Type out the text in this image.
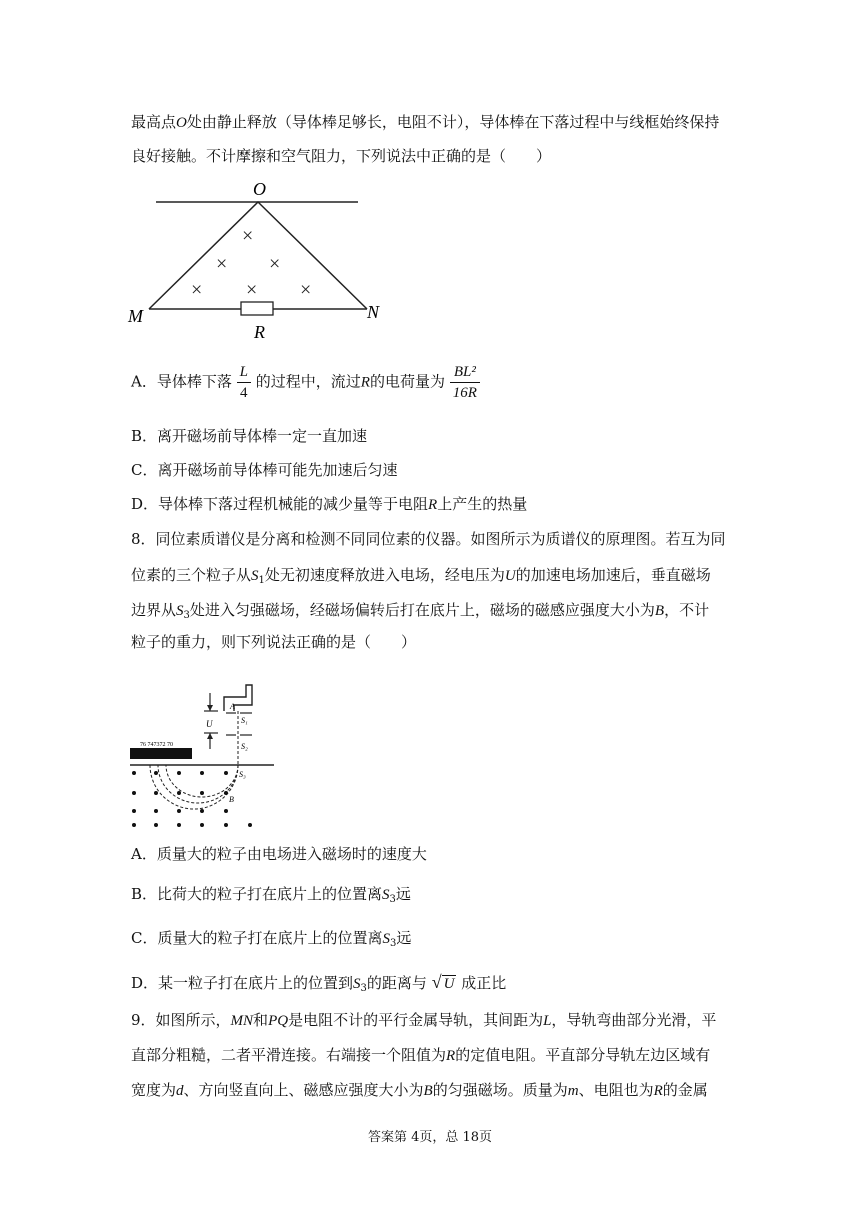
最高点O处由静止释放（导体棒足够长，电阻不计），导体棒在下落过程中与线框始终保持
良好接触。不计摩擦和空气阻力，下列说法中正确的是（　　）
O
M	N
R
×
× ×
× × ×
A．导体棒下落 $\frac{L}{4}$ 的过程中，流过R的电荷量为 $\frac{\text{BL²}}{16R}$
B．离开磁场前导体棒一定一直加速
C．离开磁场前导体棒可能先加速后匀速
D．导体棒下落过程机械能的减少量等于电阻R上产生的热量
8．同位素质谱仪是分离和检测不同同位素的仪器。如图所示为质谱仪的原理图。若互为同
位素的三个粒子从$S_1$处无初速度释放进入电场，经电压为U的加速电场加速后，垂直磁场
边界从$S_3$处进入匀强磁场，经磁场偏转后打在底片上，磁场的磁感应强度大小为B，不计
粒子的重力，则下列说法正确的是（　　）
A
U	S₁
S₂
76 747372 70
S₃
B
A．质量大的粒子由电场进入磁场时的速度大
B．比荷大的粒子打在底片上的位置离$S_3$远
C．质量大的粒子打在底片上的位置离$S_3$远
D．某一粒子打在底片上的位置到$S_3$的距离与 √ U 成正比
9．如图所示，MN和PQ是电阻不计的平行金属导轨，其间距为L，导轨弯曲部分光滑，平
直部分粗糙，二者平滑连接。右端接一个阻值为R的定值电阻。平直部分导轨左边区域有
宽度为d、方向竖直向上、磁感应强度大小为B的匀强磁场。质量为m、电阻也为R的金属
答案第 4页，总 18页
